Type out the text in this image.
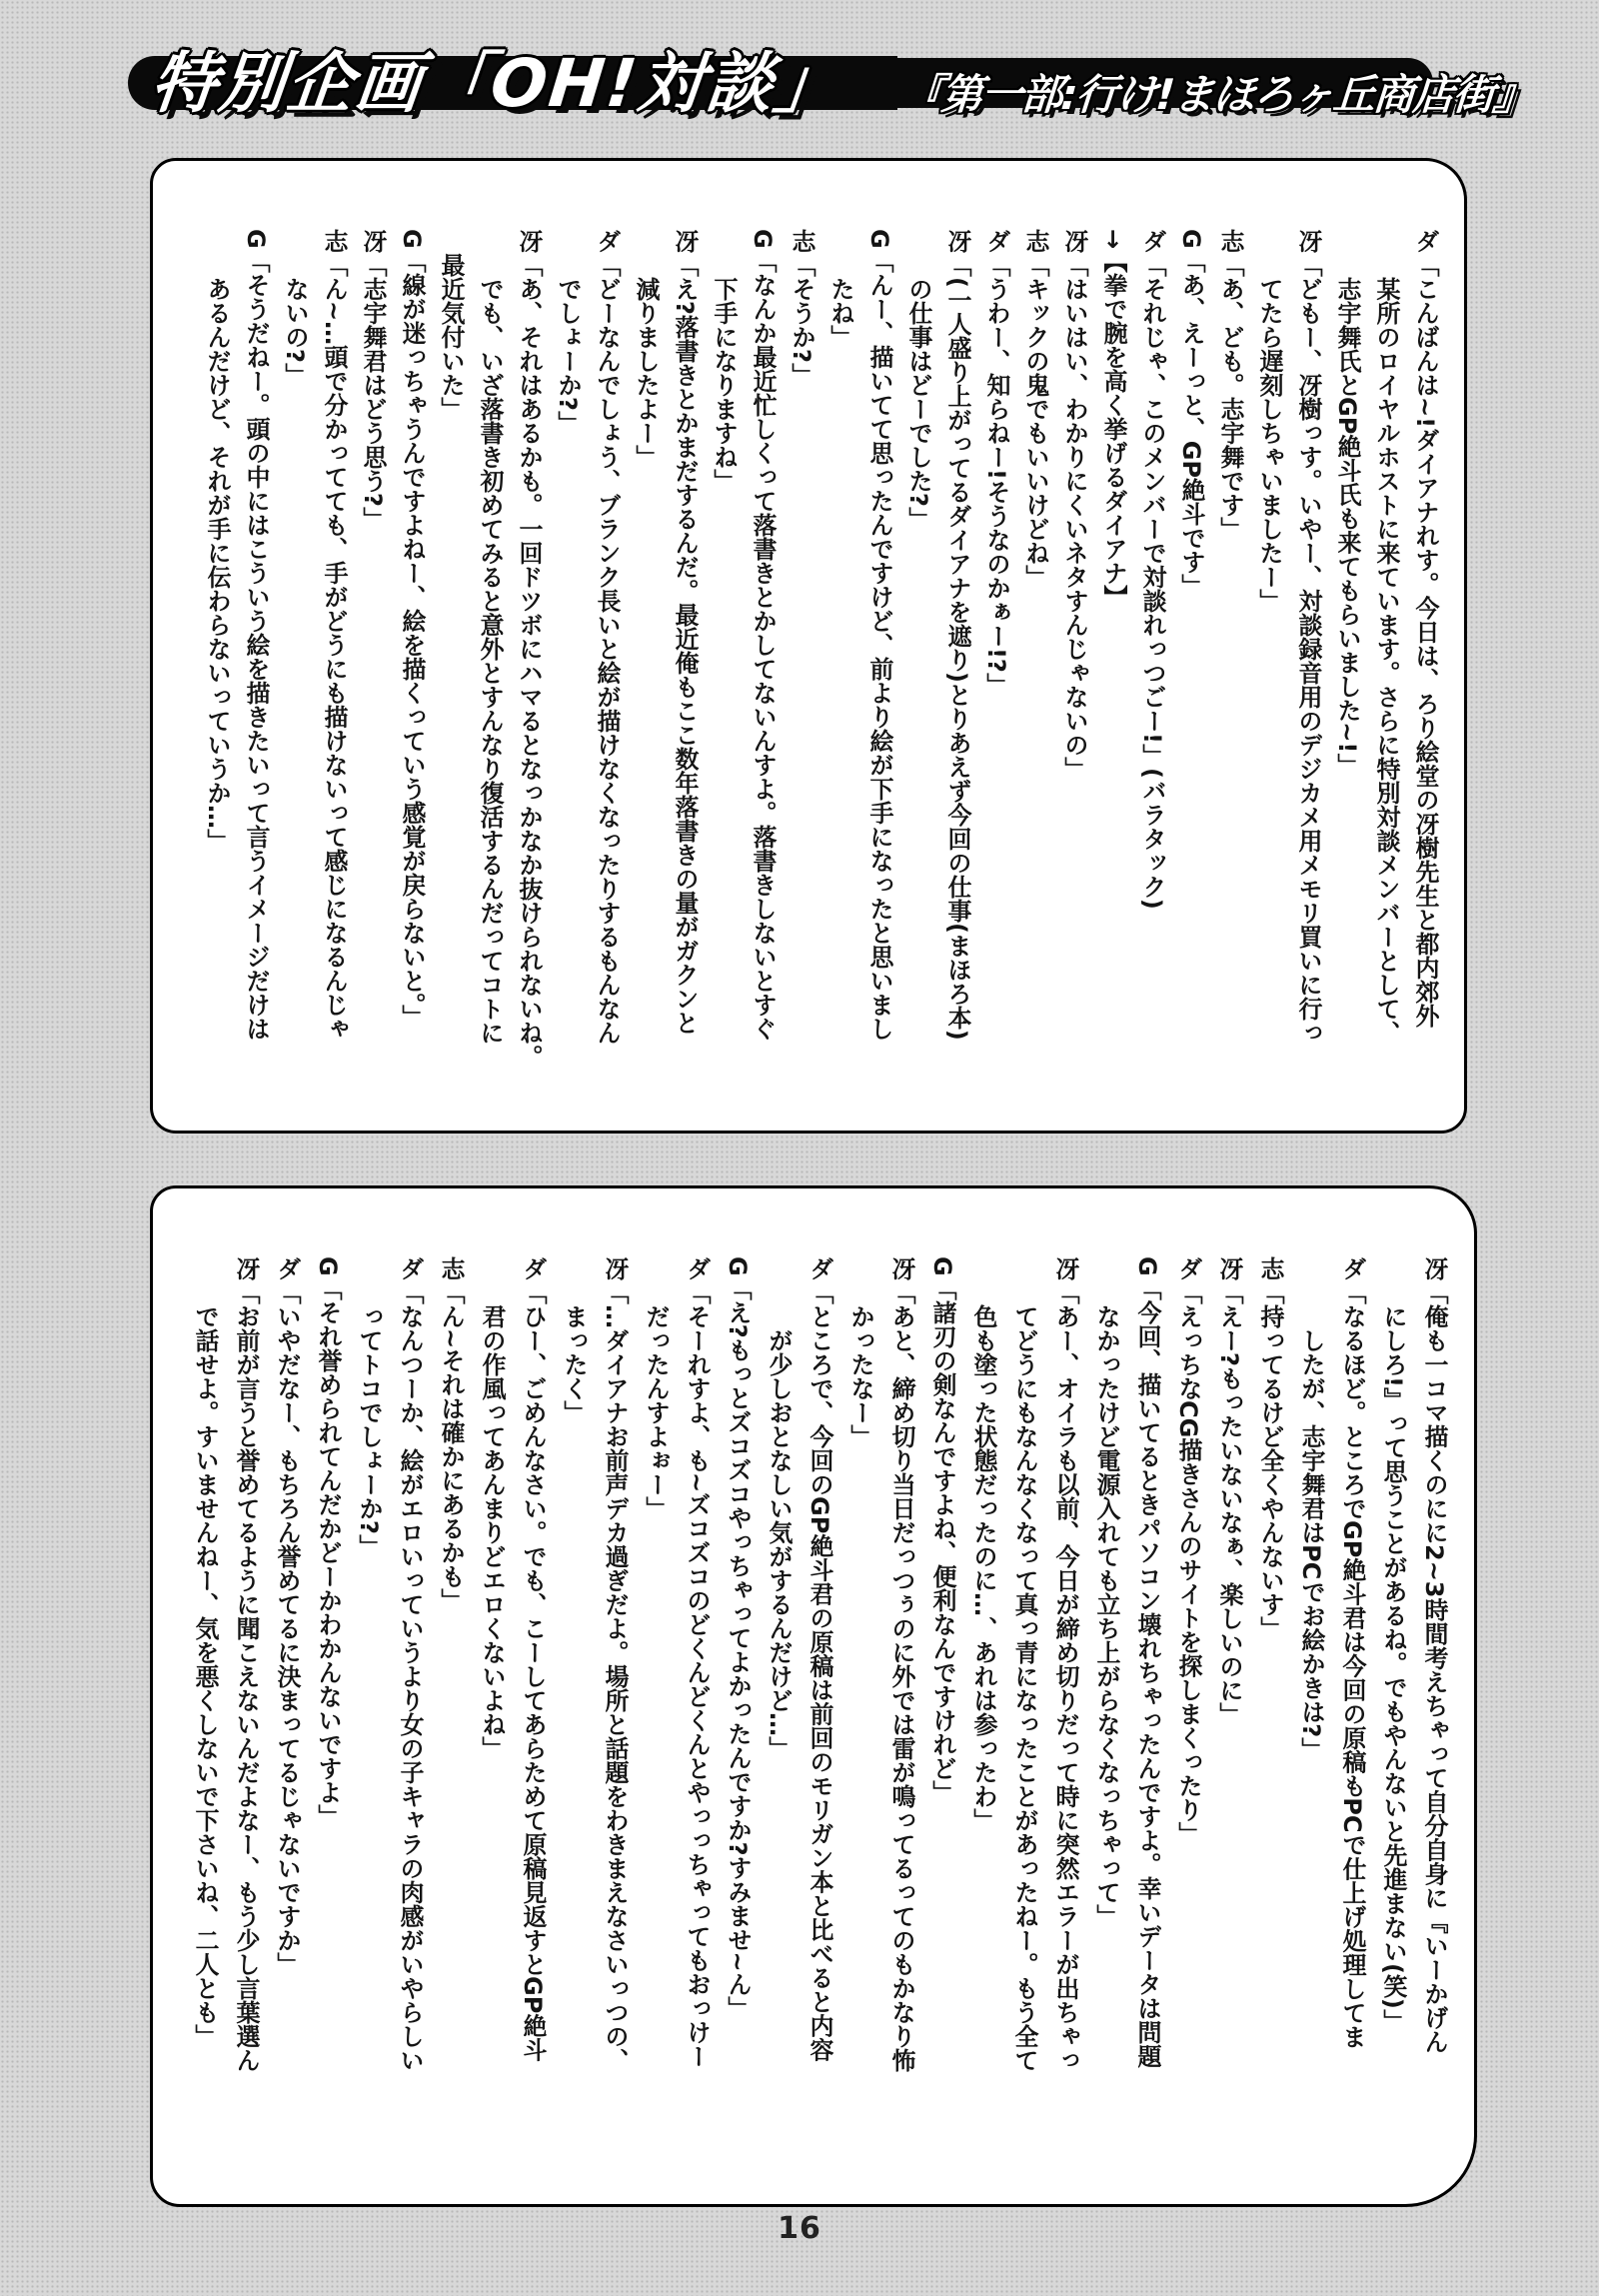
特別企画「OH!対談」 『第一部:行け!まほろヶ丘商店街』

ダ「こんばんは~!ダイアナれす。今日は、ろり絵堂の冴樹先生と都内郊外

某所のロイヤルホストに来ています。さらに特別対談メンバーとして、

志宇舞氏とGP絶斗氏も来てもらいました~!」

冴「どもー、冴樹っす。いやー、対談録音用のデジカメ用メモリ買いに行っ

てたら遅刻しちゃいましたー」

志「あ、ども。志宇舞です」

G「あ、えーっと、GP絶斗です」

ダ「それじゃ、このメンバーで対談れっつごー!」(バラタック)

→【拳で腕を高く挙げるダイアナ】

冴「はいはい、わかりにくいネタすんじゃないの」

志「キックの鬼でもいいけどね」

ダ「うわー、知らねー!そうなのかぁー!?」

冴「(一人盛り上がってるダイアナを遮り)とりあえず今回の仕事(まほろ本)

の仕事はどーでした?」

G「んー、描いてて思ったんですけど、前より絵が下手になったと思いまし

たね」

志「そうか?」

G「なんか最近忙しくって落書きとかしてないんすよ。落書きしないとすぐ

下手になりますね」

冴「え?落書きとかまだするんだ。最近俺もここ数年落書きの量がガクンと

減りましたよー」

ダ「どーなんでしょう、ブランク長いと絵が描けなくなったりするもんなん

でしょーか?」

冴「あ、それはあるかも。一回ドツボにハマるとなっかなか抜けられないね。

でも、いざ落書き初めてみると意外とすんなり復活するんだってコトに

最近気付いた」

G「線が迷っちゃうんですよねー、絵を描くっていう感覚が戻らないと。」

冴「志宇舞君はどう思う?」

志「ん~…頭で分かってても、手がどうにも描けないって感じになるんじゃ

ないの?」

G「そうだねー。頭の中にはこういう絵を描きたいって言うイメージだけは

あるんだけど、それが手に伝わらないっていうか…」

冴「俺も一コマ描くのにに2~3時間考えちゃって自分自身に『いーかげん

にしろ!』って思うことがあるね。でもやんないと先進まない(笑)」

ダ「なるほど。ところでGP絶斗君は今回の原稿もPCで仕上げ処理してま

したが、志宇舞君はPCでお絵かきは?」

志「持ってるけど全くやんないす」

冴「えー?もったいないなぁ、楽しいのに」

ダ「えっちなCG描きさんのサイトを探しまくったり」

G「今回、描いてるときパソコン壊れちゃったんですよ。幸いデータは問題

なかったけど電源入れても立ち上がらなくなっちゃって」

冴「あー、オイラも以前、今日が締め切りだって時に突然エラーが出ちゃっ

てどうにもなんなくなって真っ青になったことがあったねー。もう全て

色も塗った状態だったのに…、あれは参ったわ」

G「諸刃の剣なんですよね、便利なんですけれど」

冴「あと、締め切り当日だっつぅのに外では雷が鳴ってるってのもかなり怖

かったなー」

ダ「ところで、今回のGP絶斗君の原稿は前回のモリガン本と比べると内容

が少しおとなしい気がするんだけど…」

G「え?もっとズコズコやっちゃってよかったんですか?すみませ~ん」

ダ「そーれすよ、も~ズコズコのどくんどくんとやっっちゃってもおっけー

だったんすよぉー」

冴「…ダイアナお前声デカ過ぎだよ。場所と話題をわきまえなさいっつの、

まったく」

ダ「ひー、ごめんなさい。でも、こーしてあらためて原稿見返すとGP絶斗

君の作風ってあんまりどエロくないよね」

志「ん~それは確かにあるかも」

ダ「なんつーか、絵がエロいっていうより女の子キャラの肉感がいやらしい

ってトコでしょーか?」

G「それ誉められてんだかどーかわかんないですよ」

ダ「いやだなー、もちろん誉めてるに決まってるじゃないですか」

冴「お前が言うと誉めてるように聞こえないんだよなー、もう少し言葉選ん

で話せよ。すいませんねー、気を悪くしないで下さいね、二人とも」

16
